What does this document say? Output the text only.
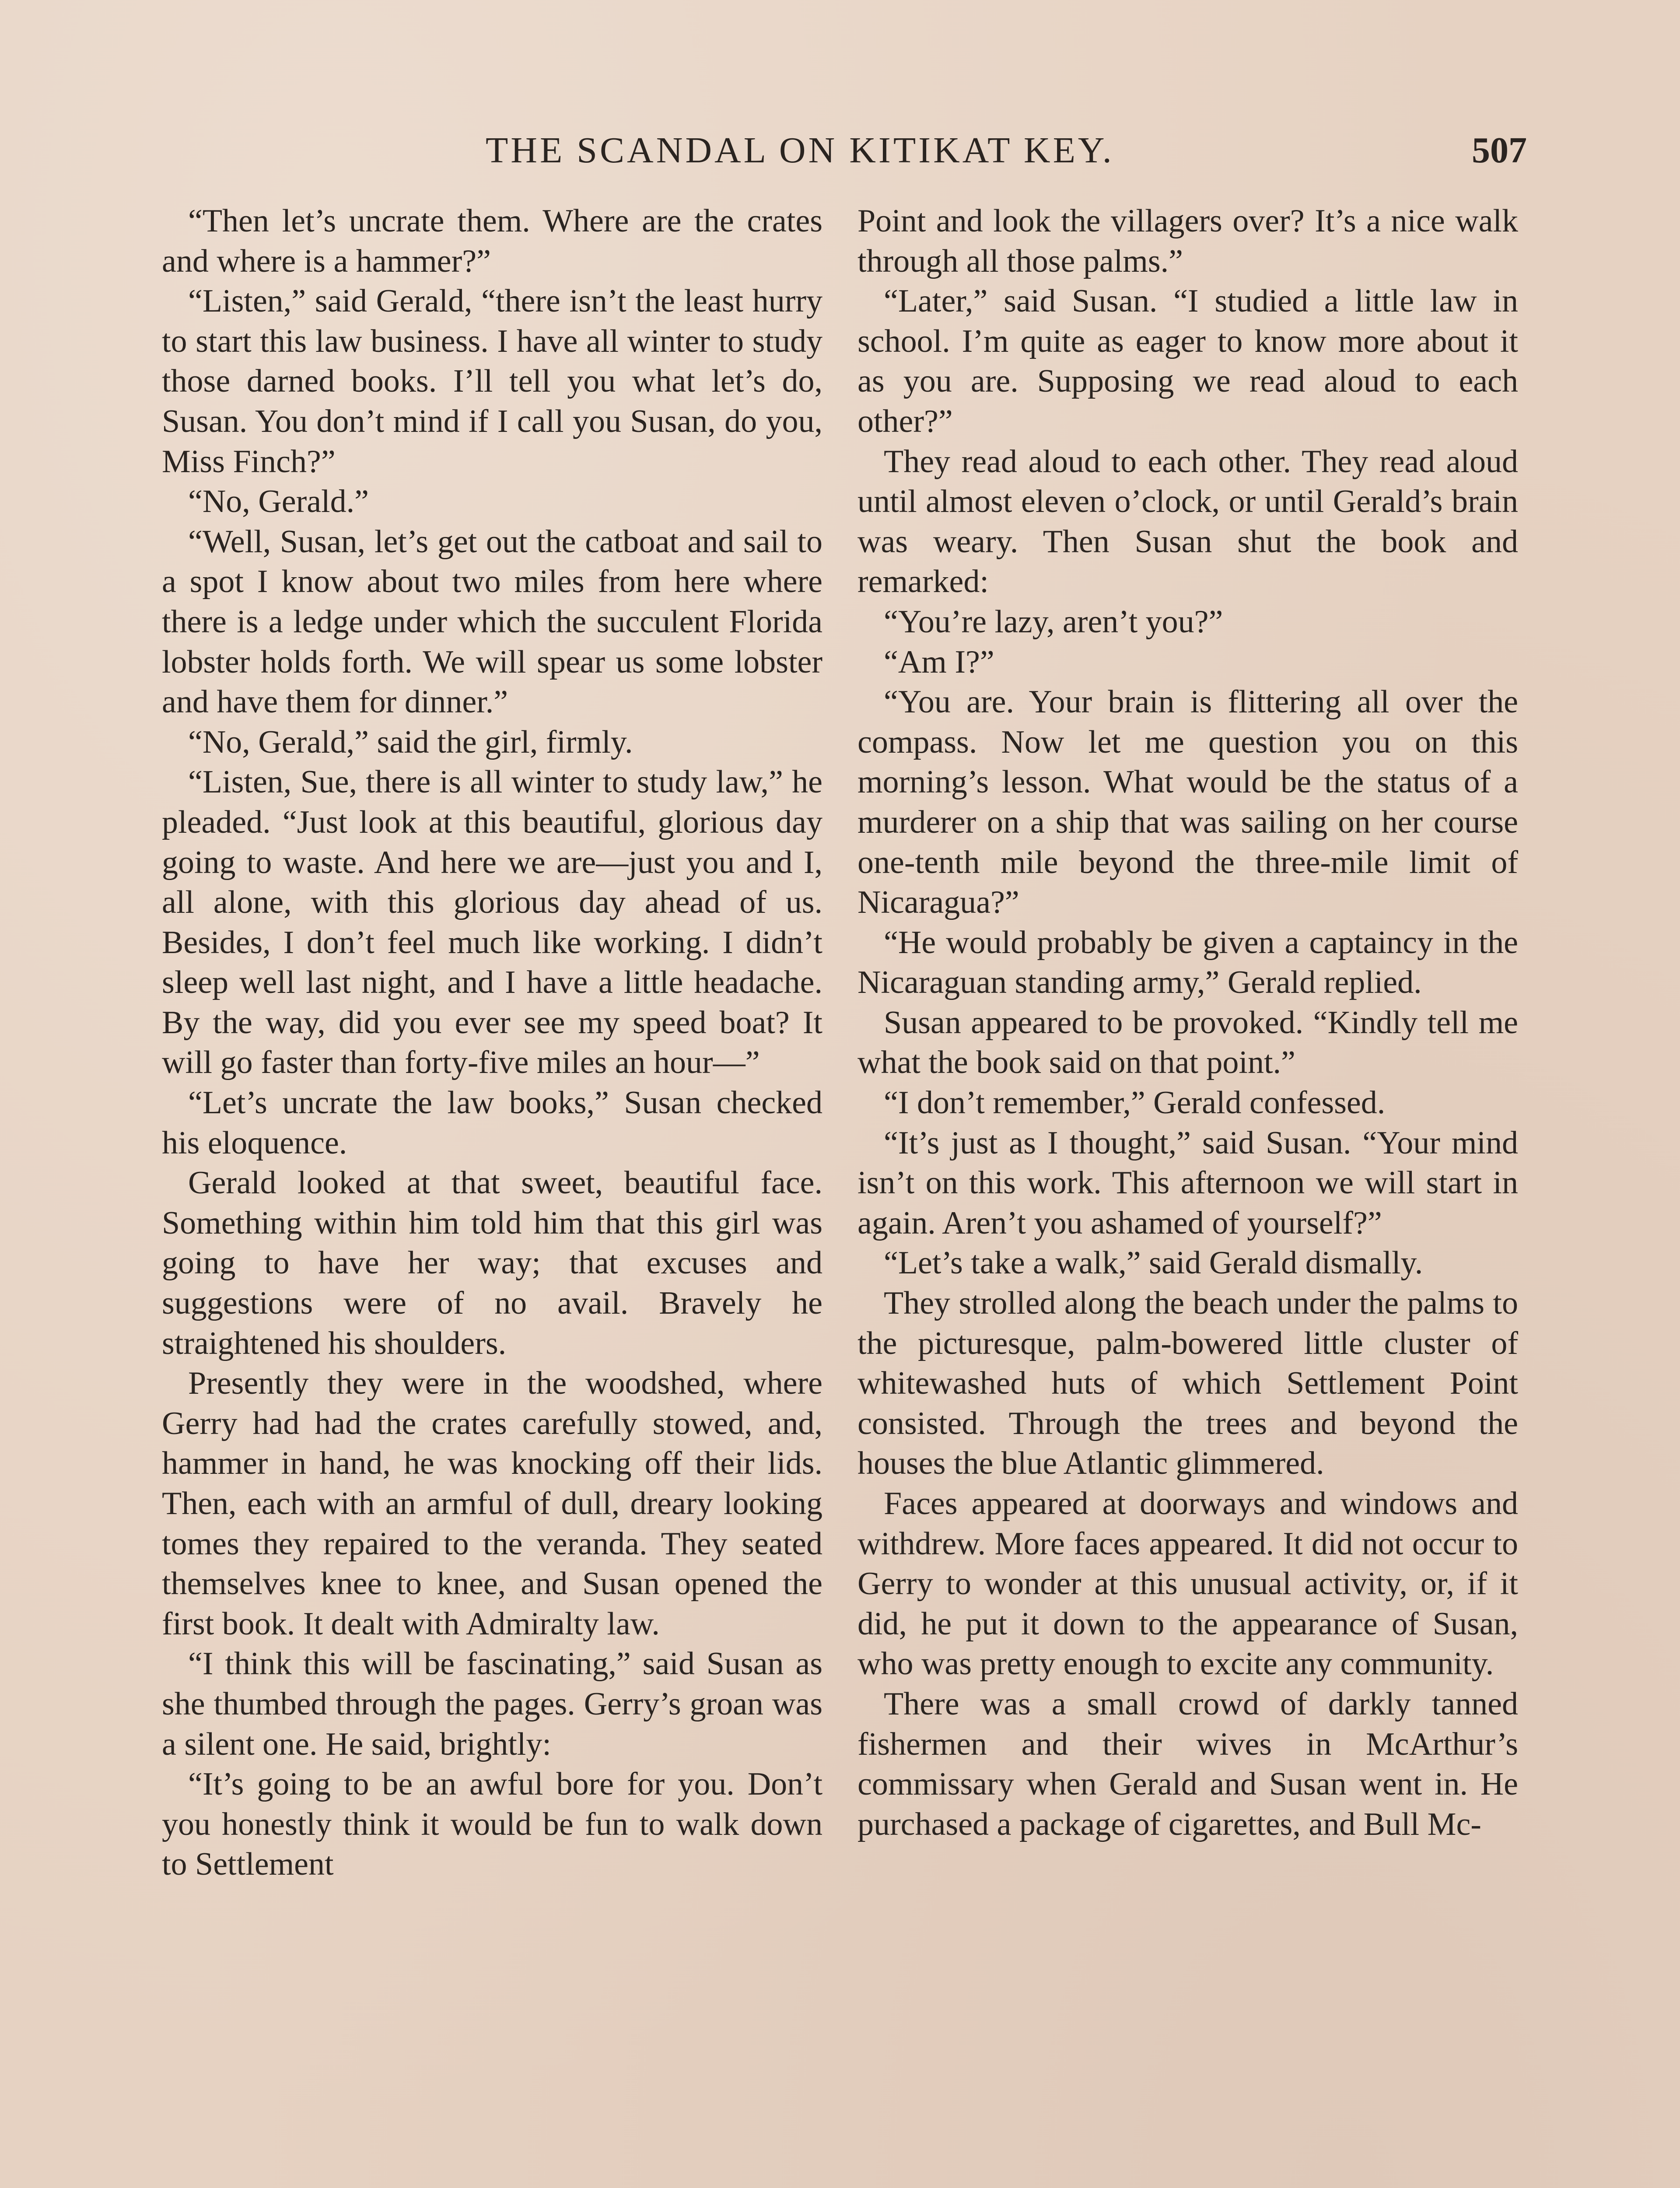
THE SCANDAL ON KITIKAT KEY.	507

“Then let’s uncrate them. Where are the crates and where is a hammer?”

“Listen,” said Gerald, “there isn’t the least hurry to start this law business. I have all winter to study those darned books. I’ll tell you what let’s do, Susan. You don’t mind if I call you Susan, do you, Miss Finch?”

“No, Gerald.”

“Well, Susan, let’s get out the catboat and sail to a spot I know about two miles from here where there is a ledge under which the succulent Florida lobster holds forth. We will spear us some lobster and have them for dinner.”

“No, Gerald,” said the girl, firmly.

“Listen, Sue, there is all winter to study law,” he pleaded. “Just look at this beautiful, glorious day going to waste. And here we are—just you and I, all alone, with this glorious day ahead of us. Besides, I don’t feel much like working. I didn’t sleep well last night, and I have a little headache. By the way, did you ever see my speed boat? It will go faster than forty-five miles an hour—”

“Let’s uncrate the law books,” Susan checked his eloquence.

Gerald looked at that sweet, beautiful face. Something within him told him that this girl was going to have her way; that excuses and suggestions were of no avail. Bravely he straightened his shoulders.

Presently they were in the woodshed, where Gerry had had the crates carefully stowed, and, hammer in hand, he was knocking off their lids. Then, each with an armful of dull, dreary looking tomes they repaired to the veranda. They seated themselves knee to knee, and Susan opened the first book. It dealt with Admiralty law.

“I think this will be fascinating,” said Susan as she thumbed through the pages. Gerry’s groan was a silent one. He said, brightly:

“It’s going to be an awful bore for you. Don’t you honestly think it would be fun to walk down to Settlement

Point and look the villagers over? It’s a nice walk through all those palms.”

“Later,” said Susan. “I studied a little law in school. I’m quite as eager to know more about it as you are. Supposing we read aloud to each other?”

They read aloud to each other. They read aloud until almost eleven o’clock, or until Gerald’s brain was weary. Then Susan shut the book and remarked:

“You’re lazy, aren’t you?”

“Am I?”

“You are. Your brain is flittering all over the compass. Now let me question you on this morning’s lesson. What would be the status of a murderer on a ship that was sailing on her course one-tenth mile beyond the three-mile limit of Nicaragua?”

“He would probably be given a captaincy in the Nicaraguan standing army,” Gerald replied.

Susan appeared to be provoked. “Kindly tell me what the book said on that point.”

“I don’t remember,” Gerald confessed.

“It’s just as I thought,” said Susan. “Your mind isn’t on this work. This afternoon we will start in again. Aren’t you ashamed of yourself?”

“Let’s take a walk,” said Gerald dismally.

They strolled along the beach under the palms to the picturesque, palm-bowered little cluster of whitewashed huts of which Settlement Point consisted. Through the trees and beyond the houses the blue Atlantic glimmered.

Faces appeared at doorways and windows and withdrew. More faces appeared. It did not occur to Gerry to wonder at this unusual activity, or, if it did, he put it down to the appearance of Susan, who was pretty enough to excite any community.

There was a small crowd of darkly tanned fishermen and their wives in McArthur’s commissary when Gerald and Susan went in. He purchased a package of cigarettes, and Bull Mc-
